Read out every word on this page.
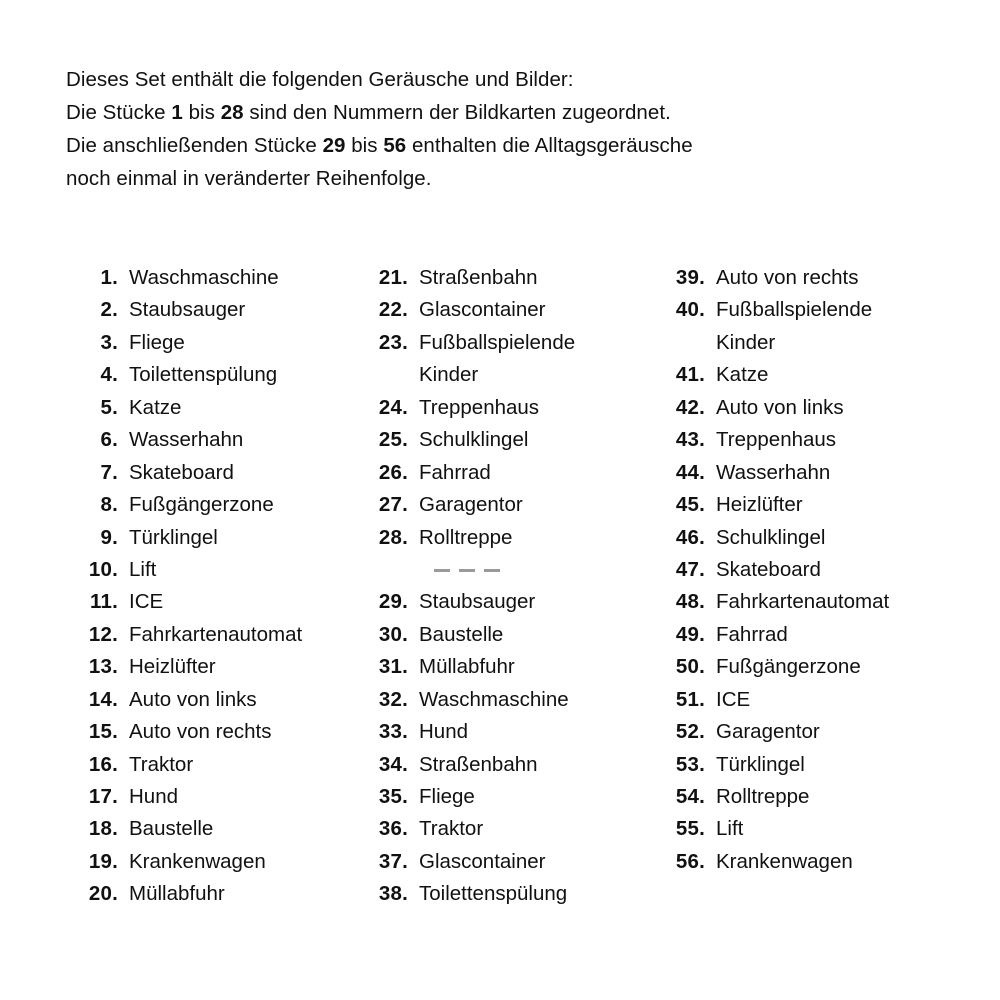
Dieses Set enthält die folgenden Geräusche und Bilder:
Die Stücke 1 bis 28 sind den Nummern der Bildkarten zugeordnet.
Die anschließenden Stücke 29 bis 56 enthalten die Alltagsgeräusche
noch einmal in veränderter Reihenfolge.
1. Waschmaschine
2. Staubsauger
3. Fliege
4. Toilettenspülung
5. Katze
6. Wasserhahn
7. Skateboard
8. Fußgängerzone
9. Türklingel
10. Lift
11. ICE
12. Fahrkartenautomat
13. Heizlüfter
14. Auto von links
15. Auto von rechts
16. Traktor
17. Hund
18. Baustelle
19. Krankenwagen
20. Müllabfuhr
21. Straßenbahn
22. Glascontainer
23. Fußballspielende
Kinder
24. Treppenhaus
25. Schulklingel
26. Fahrrad
27. Garagentor
28. Rolltreppe
29. Staubsauger
30. Baustelle
31. Müllabfuhr
32. Waschmaschine
33. Hund
34. Straßenbahn
35. Fliege
36. Traktor
37. Glascontainer
38. Toilettenspülung
39. Auto von rechts
40. Fußballspielende
Kinder
41. Katze
42. Auto von links
43. Treppenhaus
44. Wasserhahn
45. Heizlüfter
46. Schulklingel
47. Skateboard
48. Fahrkartenautomat
49. Fahrrad
50. Fußgängerzone
51. ICE
52. Garagentor
53. Türklingel
54. Rolltreppe
55. Lift
56. Krankenwagen
